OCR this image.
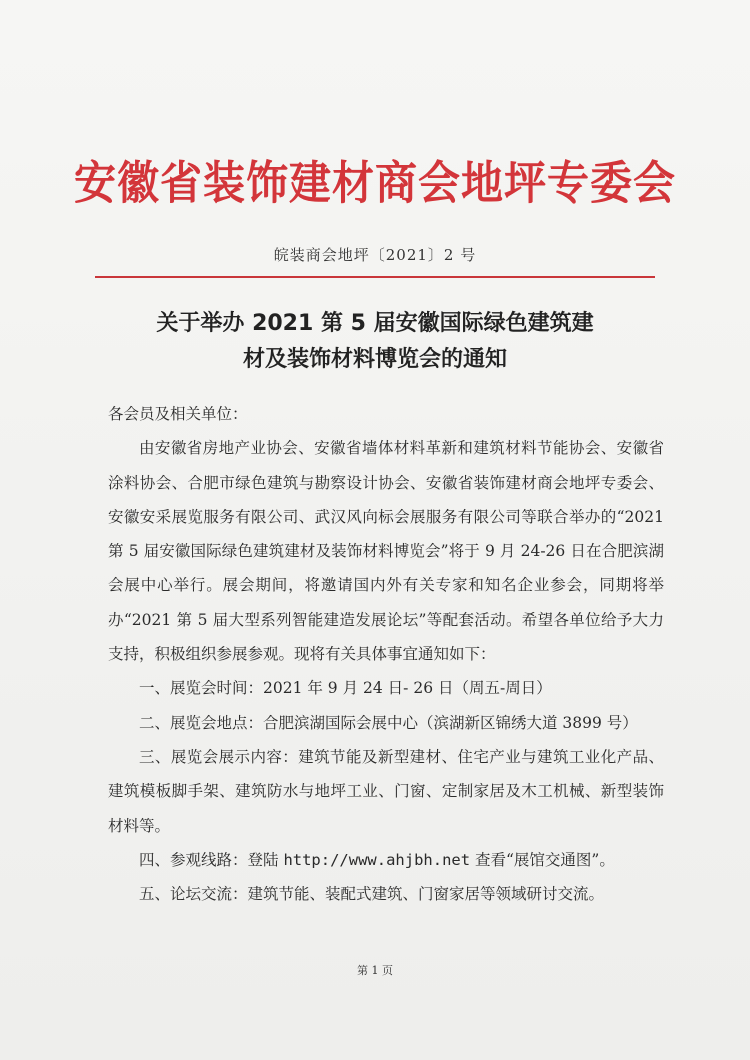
安徽省装饰建材商会地坪专委会
皖装商会地坪〔2021〕2 号
关于举办 2021 第 5 届安徽国际绿色建筑建
材及装饰材料博览会的通知

各会员及相关单位：

由安徽省房地产业协会、安徽省墙体材料革新和建筑材料节能协会、安徽省涂料协会、合肥市绿色建筑与勘察设计协会、安徽省装饰建材商会地坪专委会、安徽安采展览服务有限公司、武汉风向标会展服务有限公司等联合举办的“2021 第 5 届安徽国际绿色建筑建材及装饰材料博览会”将于 9 月 24-26 日在合肥滨湖会展中心举行。展会期间，将邀请国内外有关专家和知名企业参会，同期将举办“2021 第 5 届大型系列智能建造发展论坛”等配套活动。希望各单位给予大力支持，积极组织参展参观。现将有关具体事宜通知如下：

一、展览会时间：2021 年 9 月 24 日- 26 日（周五-周日）

二、展览会地点：合肥滨湖国际会展中心（滨湖新区锦绣大道 3899 号）

三、展览会展示内容：建筑节能及新型建材、住宅产业与建筑工业化产品、建筑模板脚手架、建筑防水与地坪工业、门窗、定制家居及木工机械、新型装饰材料等。

四、参观线路：登陆 http://www.ahjbh.net 查看“展馆交通图”。

五、论坛交流：建筑节能、装配式建筑、门窗家居等领域研讨交流。

第 1 页
